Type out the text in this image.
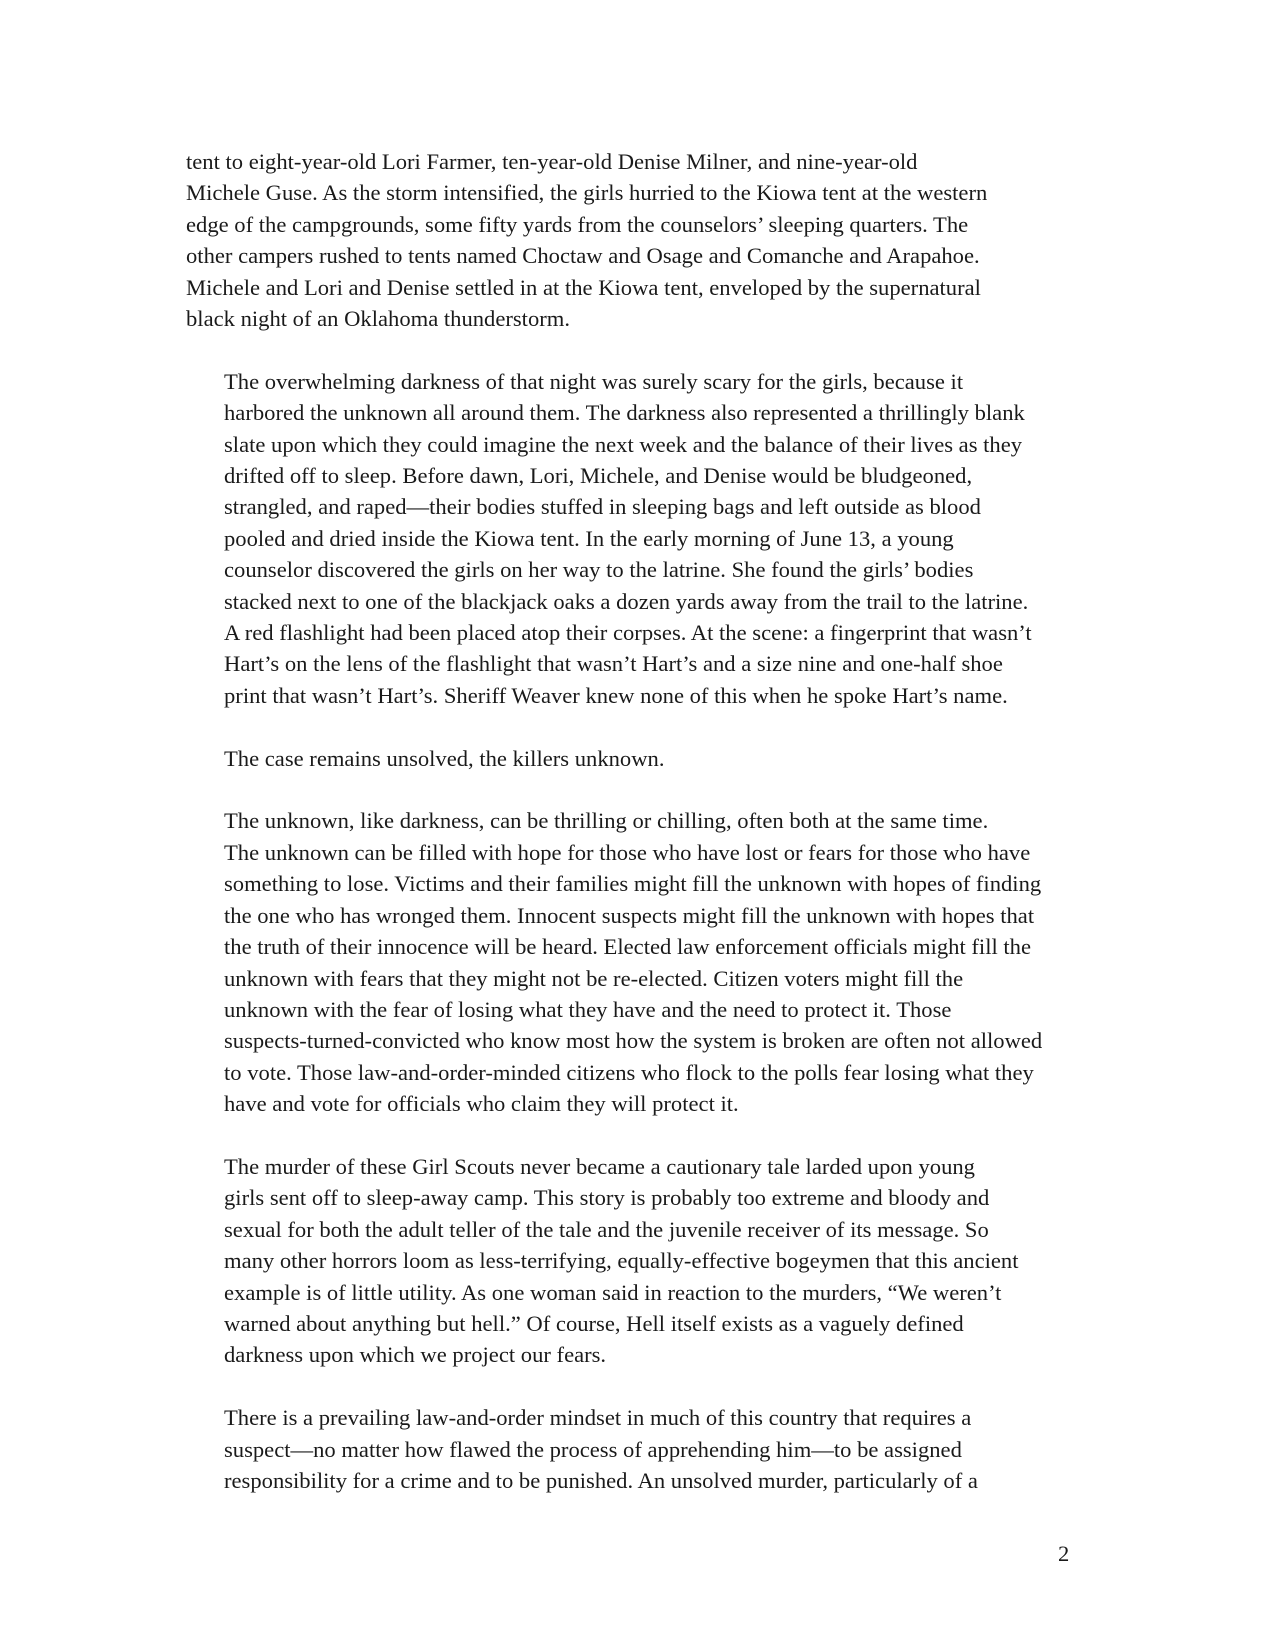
tent to eight-year-old Lori Farmer, ten-year-old Denise Milner, and nine-year-old
Michele Guse. As the storm intensified, the girls hurried to the Kiowa tent at the western
edge of the campgrounds, some fifty yards from the counselors’ sleeping quarters. The
other campers rushed to tents named Choctaw and Osage and Comanche and Arapahoe.
Michele and Lori and Denise settled in at the Kiowa tent, enveloped by the supernatural
black night of an Oklahoma thunderstorm.

The overwhelming darkness of that night was surely scary for the girls, because it
harbored the unknown all around them. The darkness also represented a thrillingly blank
slate upon which they could imagine the next week and the balance of their lives as they
drifted off to sleep. Before dawn, Lori, Michele, and Denise would be bludgeoned,
strangled, and raped—their bodies stuffed in sleeping bags and left outside as blood
pooled and dried inside the Kiowa tent. In the early morning of June 13, a young
counselor discovered the girls on her way to the latrine. She found the girls’ bodies
stacked next to one of the blackjack oaks a dozen yards away from the trail to the latrine.
A red flashlight had been placed atop their corpses. At the scene: a fingerprint that wasn’t
Hart’s on the lens of the flashlight that wasn’t Hart’s and a size nine and one-half shoe
print that wasn’t Hart’s. Sheriff Weaver knew none of this when he spoke Hart’s name.

The case remains unsolved, the killers unknown.

The unknown, like darkness, can be thrilling or chilling, often both at the same time.
The unknown can be filled with hope for those who have lost or fears for those who have
something to lose. Victims and their families might fill the unknown with hopes of finding
the one who has wronged them. Innocent suspects might fill the unknown with hopes that
the truth of their innocence will be heard. Elected law enforcement officials might fill the
unknown with fears that they might not be re-elected. Citizen voters might fill the
unknown with the fear of losing what they have and the need to protect it. Those
suspects-turned-convicted who know most how the system is broken are often not allowed
to vote. Those law-and-order-minded citizens who flock to the polls fear losing what they
have and vote for officials who claim they will protect it.

The murder of these Girl Scouts never became a cautionary tale larded upon young
girls sent off to sleep-away camp. This story is probably too extreme and bloody and
sexual for both the adult teller of the tale and the juvenile receiver of its message. So
many other horrors loom as less-terrifying, equally-effective bogeymen that this ancient
example is of little utility. As one woman said in reaction to the murders, “We weren’t
warned about anything but hell.” Of course, Hell itself exists as a vaguely defined
darkness upon which we project our fears.

There is a prevailing law-and-order mindset in much of this country that requires a
suspect—no matter how flawed the process of apprehending him—to be assigned
responsibility for a crime and to be punished. An unsolved murder, particularly of a

2
